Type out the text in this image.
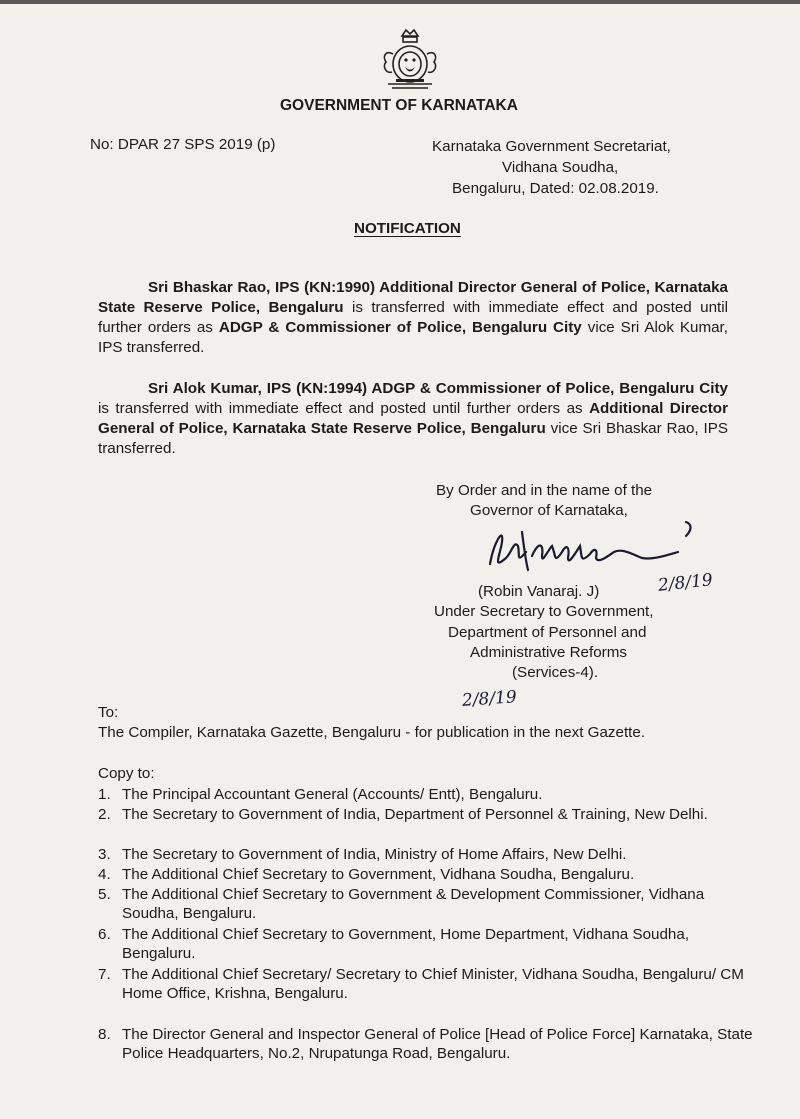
GOVERNMENT OF KARNATAKA
No: DPAR 27 SPS 2019 (p)	Karnataka Government Secretariat,
Vidhana Soudha,
Bengaluru, Dated: 02.08.2019.
NOTIFICATION
Sri Bhaskar Rao, IPS (KN:1990) Additional Director General of Police, Karnataka State Reserve Police, Bengaluru is transferred with immediate effect and posted until further orders as ADGP & Commissioner of Police, Bengaluru City vice Sri Alok Kumar, IPS transferred.
Sri Alok Kumar, IPS (KN:1994) ADGP & Commissioner of Police, Bengaluru City is transferred with immediate effect and posted until further orders as Additional Director General of Police, Karnataka State Reserve Police, Bengaluru vice Sri Bhaskar Rao, IPS transferred.
By Order and in the name of the
Governor of Karnataka,
(Robin Vanaraj. J)	2/8/19
Under Secretary to Government,
Department of Personnel and
Administrative Reforms
(Services-4).
2/8/19
To:
The Compiler, Karnataka Gazette, Bengaluru - for publication in the next Gazette.
Copy to:
1. The Principal Accountant General (Accounts/ Entt), Bengaluru.
2. The Secretary to Government of India, Department of Personnel & Training, New Delhi.
3. The Secretary to Government of India, Ministry of Home Affairs, New Delhi.
4. The Additional Chief Secretary to Government, Vidhana Soudha, Bengaluru.
5. The Additional Chief Secretary to Government & Development Commissioner, Vidhana Soudha, Bengaluru.
6. The Additional Chief Secretary to Government, Home Department, Vidhana Soudha, Bengaluru.
7. The Additional Chief Secretary/ Secretary to Chief Minister, Vidhana Soudha, Bengaluru/ CM Home Office, Krishna, Bengaluru.
8. The Director General and Inspector General of Police [Head of Police Force] Karnataka, State Police Headquarters, No.2, Nrupatunga Road, Bengaluru.
